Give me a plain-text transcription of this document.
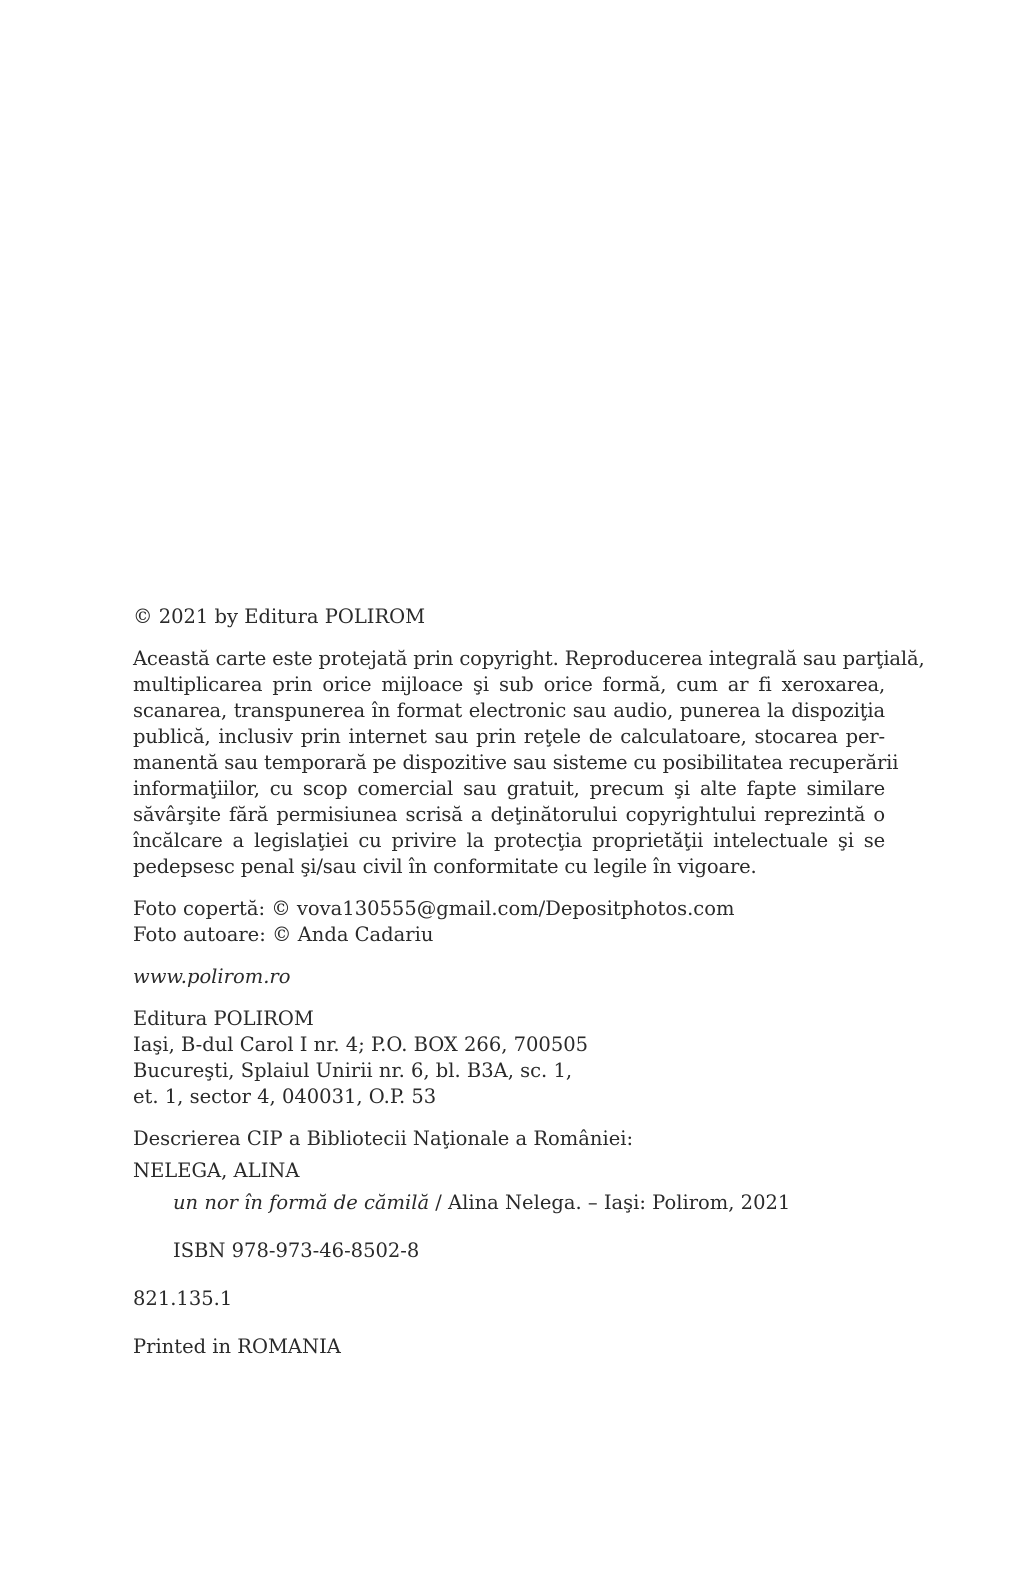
© 2021 by Editura POLIROM

Această carte este protejată prin copyright. Reproducerea integrală sau parţială,
multiplicarea prin orice mijloace şi sub orice formă, cum ar fi xeroxarea,
scanarea, transpunerea în format electronic sau audio, punerea la dispoziţia
publică, inclusiv prin internet sau prin reţele de calculatoare, stocarea per-
manentă sau temporară pe dispozitive sau sisteme cu posibilitatea recuperării
informaţiilor, cu scop comercial sau gratuit, precum şi alte fapte similare
săvârşite fără permisiunea scrisă a deţinătorului copyrightului reprezintă o
încălcare a legislaţiei cu privire la protecţia proprietăţii intelectuale şi se
pedepsesc penal şi/sau civil în conformitate cu legile în vigoare.
Foto copertă: © vova130555@gmail.com/Depositphotos.com
Foto autoare: © Anda Cadariu
www.polirom.ro
Editura POLIROM
Iaşi, B-dul Carol I nr. 4; P.O. BOX 266, 700505
Bucureşti, Splaiul Unirii nr. 6, bl. B3A, sc. 1,
et. 1, sector 4, 040031, O.P. 53
Descrierea CIP a Bibliotecii Naţionale a României:
NELEGA, ALINA
un nor în formă de cămilă / Alina Nelega. – Iaşi: Polirom, 2021
ISBN 978-973-46-8502-8
821.135.1
Printed in ROMANIA
